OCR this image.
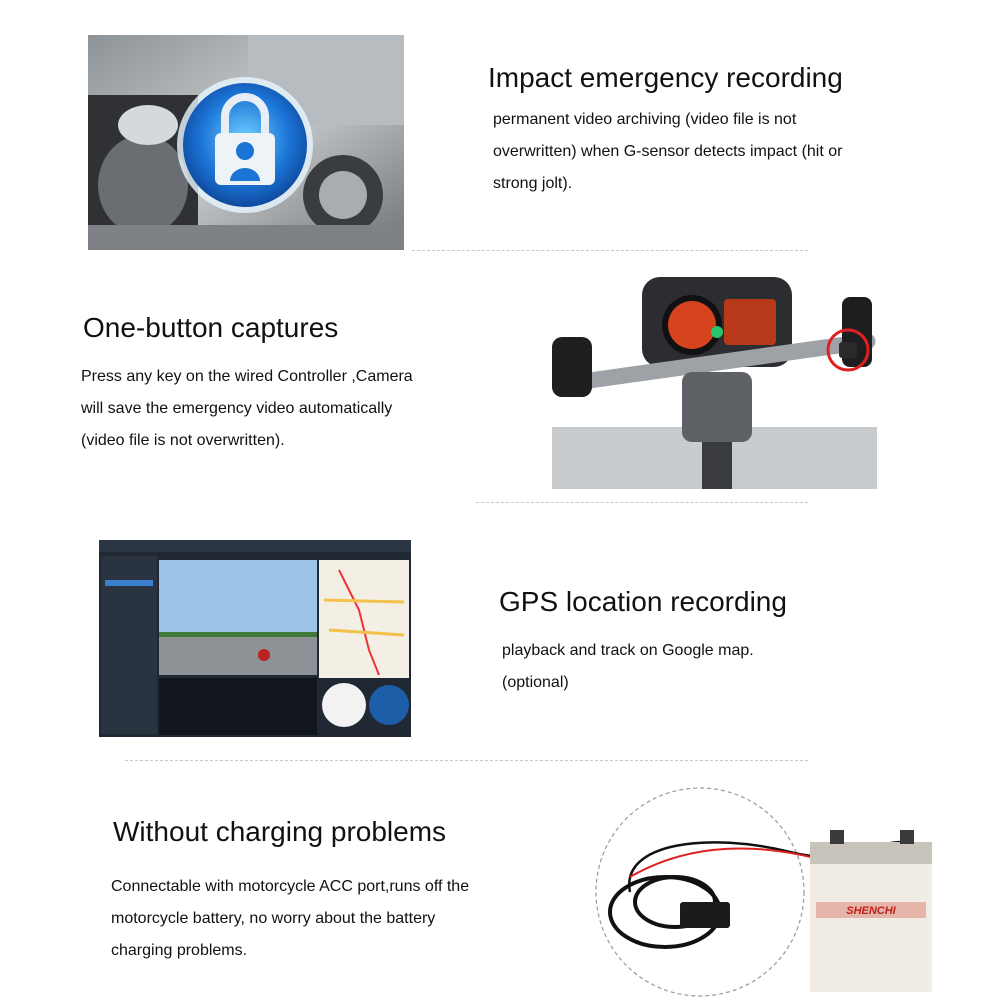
Impact emergency recording
permanent video archiving (video file is not
overwritten) when G-sensor detects impact (hit or
strong jolt).
One-button captures
Press any key on the wired Controller ,Camera
will save the emergency video automatically
(video file is not overwritten).
GPS location recording
playback and track on Google map.
(optional)
Without charging problems
Connectable with motorcycle ACC port,runs off the
motorcycle battery, no worry about the battery
charging problems.
SHENCHI
